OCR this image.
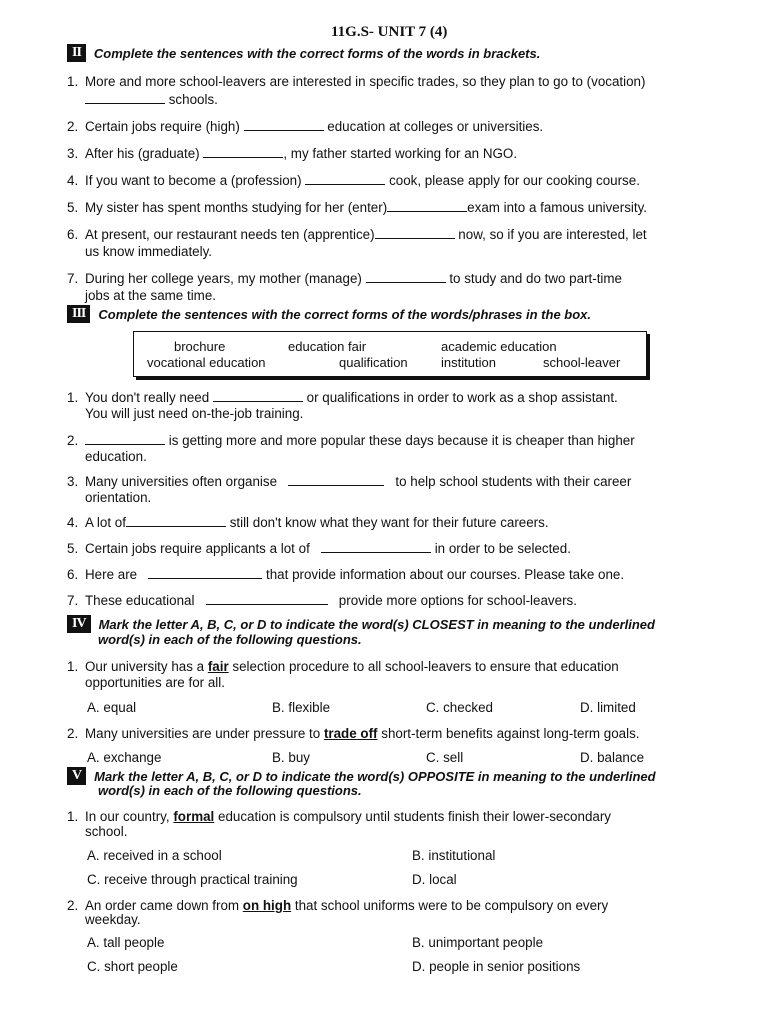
11G.S- UNIT 7 (4)
II	Complete the sentences with the correct forms of the words in brackets.
1. More and more school-leavers are interested in specific trades, so they plan to go to (vocation)
schools.
2. Certain jobs require (high)	education at colleges or universities.
3. After his (graduate)	, my father started working for an NGO.
4. If you want to become a (profession)	cook, please apply for our cooking course.
5. My sister has spent months studying for her (enter)	exam into a famous university.
6. At present, our restaurant needs ten (apprentice)	now, so if you are interested, let
us know immediately.
7. During her college years, my mother (manage)	to study and do two part-time
jobs at the same time.
III	Complete the sentences with the correct forms of the words/phrases in the box.
brochure	education fair	academic education
vocational education	qualification	institution	school-leaver
1. You don't really need	or qualifications in order to work as a shop assistant.
You will just need on-the-job training.
2.	is getting more and more popular these days because it is cheaper than higher
education.
3. Many universities often organise	to help school students with their career
orientation.
4. A lot of	still don't know what they want for their future careers.
5. Certain jobs require applicants a lot of	in order to be selected.
6. Here are	that provide information about our courses. Please take one.
7. These educational	provide more options for school-leavers.
IV	Mark the letter A, B, C, or D to indicate the word(s) CLOSEST in meaning to the underlined
word(s) in each of the following questions.
1. Our university has a fair selection procedure to all school-leavers to ensure that education
opportunities are for all.
A. equal	B. flexible	C. checked	D. limited
2. Many universities are under pressure to trade off short-term benefits against long-term goals.
A. exchange	B. buy	C. sell	D. balance
V	Mark the letter A, B, C, or D to indicate the word(s) OPPOSITE in meaning to the underlined
word(s) in each of the following questions.
1. In our country, formal education is compulsory until students finish their lower-secondary
school.
A. received in a school	B. institutional
C. receive through practical training	D. local
2. An order came down from on high that school uniforms were to be compulsory on every
weekday.
A. tall people	B. unimportant people
C. short people	D. people in senior positions
